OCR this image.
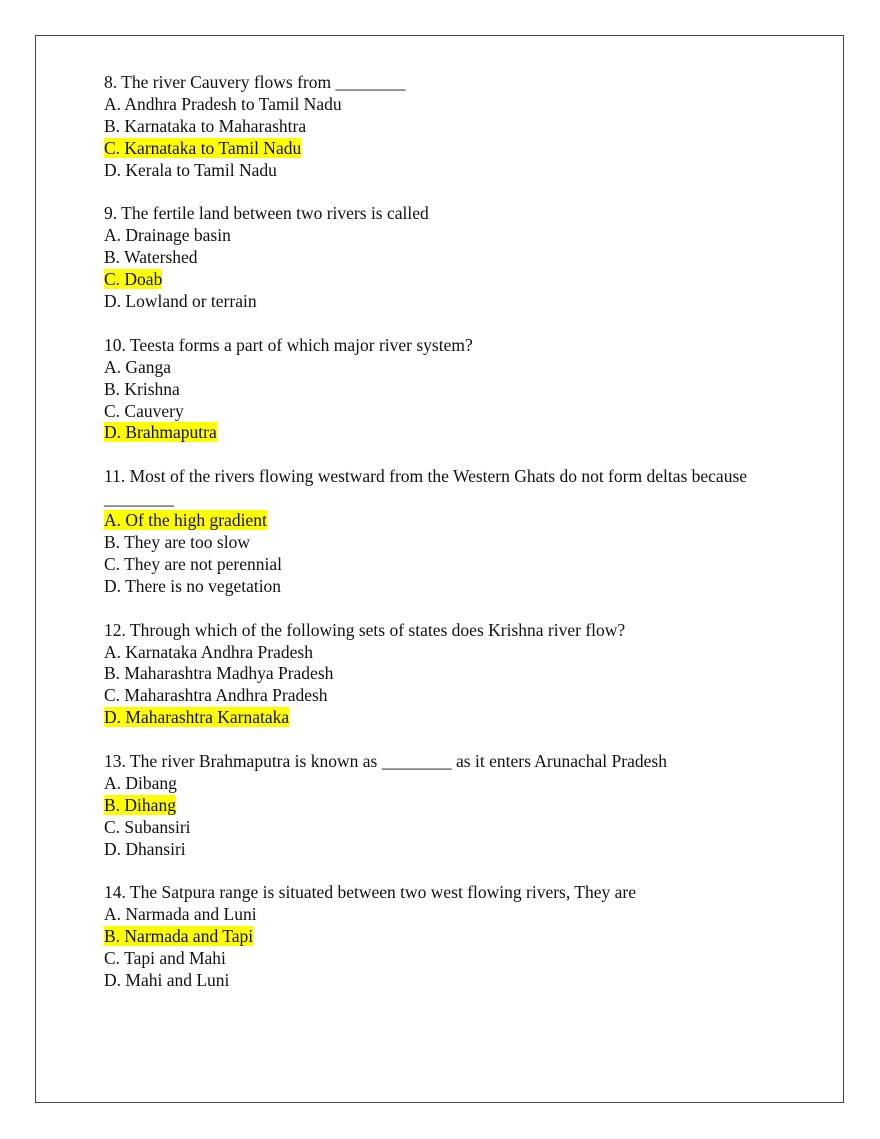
8. The river Cauvery flows from ________
A. Andhra Pradesh to Tamil Nadu
B. Karnataka to Maharashtra
C. Karnataka to Tamil Nadu
D. Kerala to Tamil Nadu
9. The fertile land between two rivers is called
A. Drainage basin
B. Watershed
C. Doab
D. Lowland or terrain
10. Teesta forms a part of which major river system?
A. Ganga
B. Krishna
C. Cauvery
D. Brahmaputra
11. Most of the rivers flowing westward from the Western Ghats do not form deltas because ________
A. Of the high gradient
B. They are too slow
C. They are not perennial
D. There is no vegetation
12. Through which of the following sets of states does Krishna river flow?
A. Karnataka Andhra Pradesh
B. Maharashtra Madhya Pradesh
C. Maharashtra Andhra Pradesh
D. Maharashtra Karnataka
13. The river Brahmaputra is known as ________ as it enters Arunachal Pradesh
A. Dibang
B. Dihang
C. Subansiri
D. Dhansiri
14. The Satpura range is situated between two west flowing rivers, They are
A. Narmada and Luni
B. Narmada and Tapi
C. Tapi and Mahi
D. Mahi and Luni
